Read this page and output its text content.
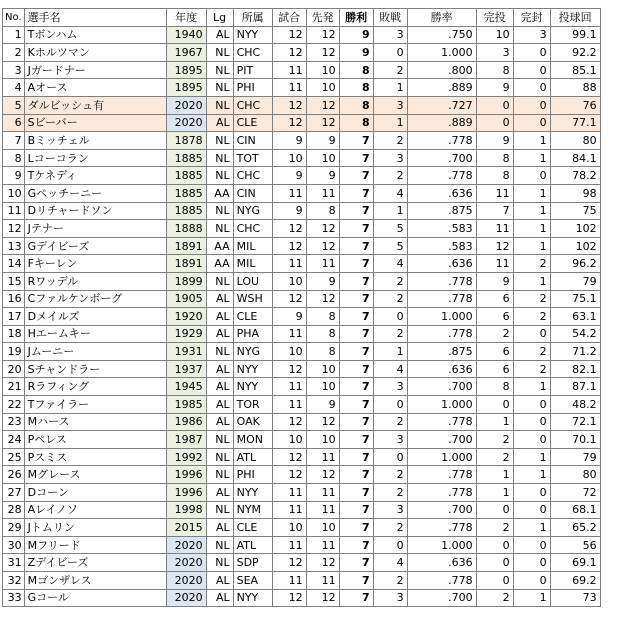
No.	選手名	年度	Lg	所属	試合	先発	勝利	敗戦	勝率	完投	完封	投球回
1	Tボンハム	1940	AL	NYY	12	12	9	3	.750	10	3	99.1
2	Kホルツマン	1967	NL	CHC	12	12	9	0	1.000	3	0	92.2
3	Jガードナー	1895	NL	PIT	11	10	8	2	.800	8	0	85.1
4	Aオース	1895	NL	PHI	11	10	8	1	.889	9	0	88
5	ダルビッシュ有	2020	NL	CHC	12	12	8	3	.727	0	0	76
6	Sビーバー	2020	AL	CLE	12	12	8	1	.889	0	0	77.1
7	Bミッチェル	1878	NL	CIN	9	9	7	2	.778	9	1	80
8	Lコーコラン	1885	NL	TOT	10	10	7	3	.700	8	1	84.1
9	Tケネディ	1885	NL	CHC	9	9	7	2	.778	8	0	78.2
10	Gペッチーニー	1885	AA	CIN	11	11	7	4	.636	11	1	98
11	Dリチャードソン	1885	NL	NYG	9	8	7	1	.875	7	1	75
12	Jテナー	1888	NL	CHC	12	12	7	5	.583	11	1	102
13	Gデイビーズ	1891	AA	MIL	12	12	7	5	.583	12	1	102
14	Fキーレン	1891	AA	MIL	11	11	7	4	.636	11	2	96.2
15	Rワッデル	1899	NL	LOU	10	9	7	2	.778	9	1	79
16	Cファルケンボーグ	1905	AL	WSH	12	12	7	2	.778	6	2	75.1
17	Dメイルズ	1920	AL	CLE	9	8	7	0	1.000	6	2	63.1
18	Hエームキー	1929	AL	PHA	11	8	7	2	.778	2	0	54.2
19	Jムーニー	1931	NL	NYG	10	8	7	1	.875	6	2	71.2
20	Sチャンドラー	1937	AL	NYY	12	10	7	4	.636	6	2	82.1
21	Rラフィング	1945	AL	NYY	11	10	7	3	.700	8	1	87.1
22	Tファイラー	1985	AL	TOR	11	9	7	0	1.000	0	0	48.2
23	Mハース	1986	AL	OAK	12	12	7	2	.778	1	0	72.1
24	Pペレス	1987	NL	MON	10	10	7	3	.700	2	0	70.1
25	Pスミス	1992	NL	ATL	12	11	7	0	1.000	2	1	79
26	Mグレース	1996	NL	PHI	12	12	7	2	.778	1	1	80
27	Dコーン	1996	AL	NYY	11	11	7	2	.778	1	0	72
28	Aレイノソ	1998	NL	NYM	11	11	7	3	.700	0	0	68.1
29	Jトムリン	2015	AL	CLE	10	10	7	2	.778	2	1	65.2
30	Mフリード	2020	NL	ATL	11	11	7	0	1.000	0	0	56
31	Zデイビーズ	2020	NL	SDP	12	12	7	4	.636	0	0	69.1
32	Mゴンザレス	2020	AL	SEA	11	11	7	2	.778	0	0	69.2
33	Gコール	2020	AL	NYY	12	12	7	3	.700	2	1	73
